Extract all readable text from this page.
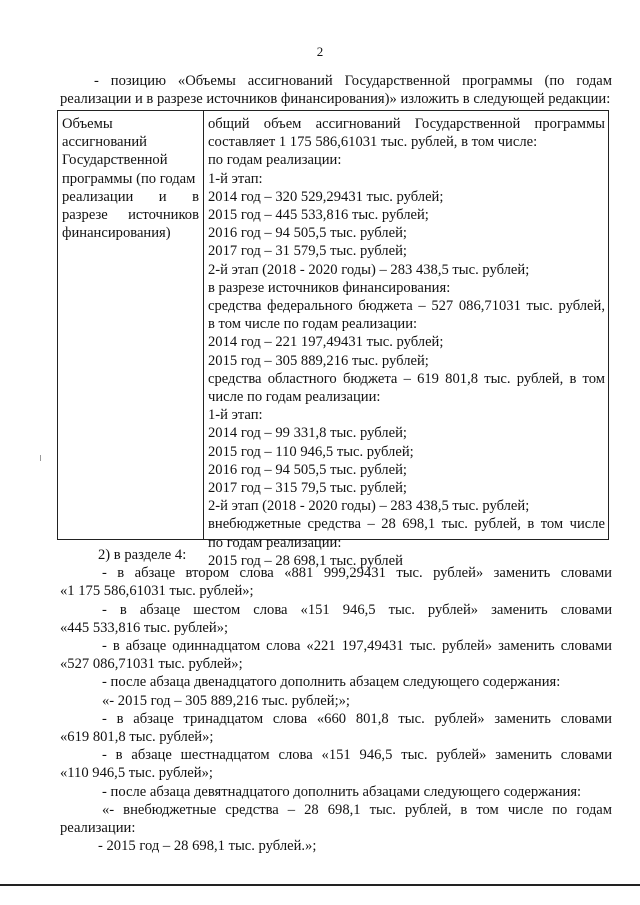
2
- позицию «Объемы ассигнований Государственной программы (по годам
реализации и в разрезе источников финансирования)» изложить в следующей редакции:
Объемы
ассигнований
Государственной
программы (по годам
реализации и в
разрезе источников
финансирования)
общий объем ассигнований Государственной программы
составляет 1 175 586,61031 тыс. рублей, в том числе:
по годам реализации:
1-й этап:
2014 год – 320 529,29431 тыс. рублей;
2015 год – 445 533,816 тыс. рублей;
2016 год – 94 505,5 тыс. рублей;
2017 год – 31 579,5 тыс. рублей;
2-й этап (2018 - 2020 годы) – 283 438,5 тыс. рублей;
в разрезе источников финансирования:
средства федерального бюджета – 527 086,71031 тыс. рублей,
в том числе по годам реализации:
2014 год – 221 197,49431 тыс. рублей;
2015 год – 305 889,216 тыс. рублей;
средства областного бюджета – 619 801,8 тыс. рублей, в том
числе по годам реализации:
1-й этап:
2014 год – 99 331,8 тыс. рублей;
2015 год – 110 946,5 тыс. рублей;
2016 год – 94 505,5 тыс. рублей;
2017 год – 315 79,5 тыс. рублей;
2-й этап (2018 - 2020 годы) – 283 438,5 тыс. рублей;
внебюджетные средства – 28 698,1 тыс. рублей, в том числе
по годам реализации:
2015 год – 28 698,1 тыс. рублей
2) в разделе 4:
- в абзаце втором слова «881 999,29431 тыс. рублей» заменить словами
«1 175 586,61031 тыс. рублей»;
- в абзаце шестом слова «151 946,5 тыс. рублей» заменить словами
«445 533,816 тыс. рублей»;
- в абзаце одиннадцатом слова «221 197,49431 тыс. рублей» заменить словами
«527 086,71031 тыс. рублей»;
- после абзаца двенадцатого дополнить абзацем следующего содержания:
«- 2015 год – 305 889,216 тыс. рублей;»;
- в абзаце тринадцатом слова «660 801,8 тыс. рублей» заменить словами
«619 801,8 тыс. рублей»;
- в абзаце шестнадцатом слова «151 946,5 тыс. рублей» заменить словами
«110 946,5 тыс. рублей»;
- после абзаца девятнадцатого дополнить абзацами следующего содержания:
«- внебюджетные средства – 28 698,1 тыс. рублей, в том числе по годам
реализации:
- 2015 год – 28 698,1 тыс. рублей.»;
